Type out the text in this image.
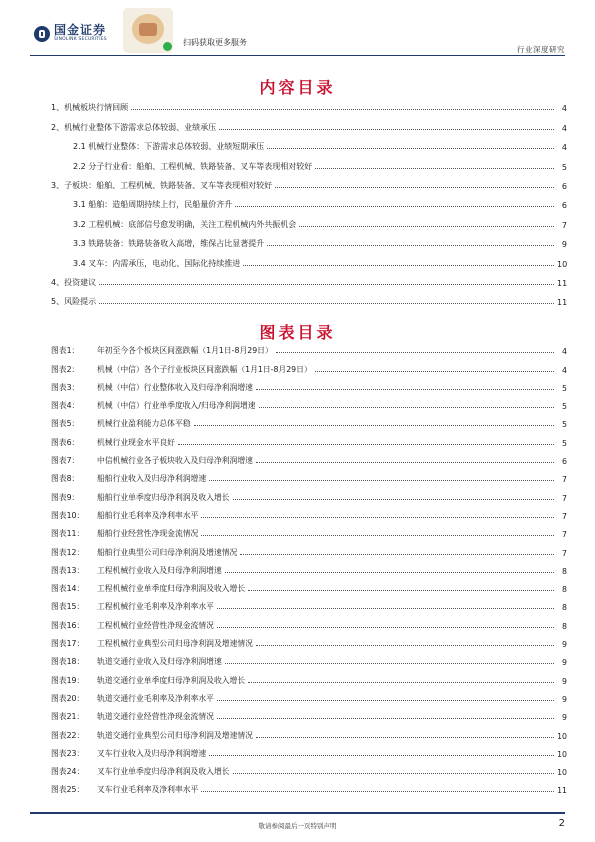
国金证券
SINOLINK SECURITIES	扫码获取更多服务
行业深度研究
内容目录
1、机械板块行情回顾	4
2、机械行业整体下游需求总体较弱、业绩承压	4
2.1 机械行业整体：下游需求总体较弱、业绩短期承压	4
2.2 分子行业看：船舶、工程机械、铁路装备、叉车等表现相对较好	5
3、子板块：船舶、工程机械、铁路装备、叉车等表现相对较好	6
3.1 船舶：造船周期持续上行，民船量价齐升	6
3.2 工程机械：底部信号愈发明确，关注工程机械内外共振机会	7
3.3 铁路装备：铁路装备收入高增，维保占比显著提升	9
3.4 叉车：内需承压，电动化、国际化持续推进	10
4、投资建议	11
5、风险提示	11
图表目录
图表1：	年初至今各个板块区间涨跌幅（1月1日-8月29日）	4
图表2：	机械（中信）各个子行业板块区间涨跌幅（1月1日-8月29日）	4
图表3：	机械（中信）行业整体收入及归母净利润增速	5
图表4：	机械（中信）行业单季度收入/归母净利润增速	5
图表5：	机械行业盈利能力总体平稳	5
图表6：	机械行业现金水平良好	5
图表7：	中信机械行业各子板块收入及归母净利润增速	6
图表8：	船舶行业收入及归母净利润增速	7
图表9：	船舶行业单季度归母净利润及收入增长	7
图表10：	船舶行业毛利率及净利率水平	7
图表11：	船舶行业经营性净现金流情况	7
图表12：	船舶行业典型公司归母净利润及增速情况	7
图表13：	工程机械行业收入及归母净利润增速	8
图表14：	工程机械行业单季度归母净利润及收入增长	8
图表15：	工程机械行业毛利率及净利率水平	8
图表16：	工程机械行业经营性净现金流情况	8
图表17：	工程机械行业典型公司归母净利润及增速情况	9
图表18：	轨道交通行业收入及归母净利润增速	9
图表19：	轨道交通行业单季度归母净利润及收入增长	9
图表20：	轨道交通行业毛利率及净利率水平	9
图表21：	轨道交通行业经营性净现金流情况	9
图表22：	轨道交通行业典型公司归母净利润及增速情况	10
图表23：	叉车行业收入及归母净利润增速	10
图表24：	叉车行业单季度归母净利润及收入增长	10
图表25：	叉车行业毛利率及净利率水平	11
敬请参阅最后一页特别声明	2
